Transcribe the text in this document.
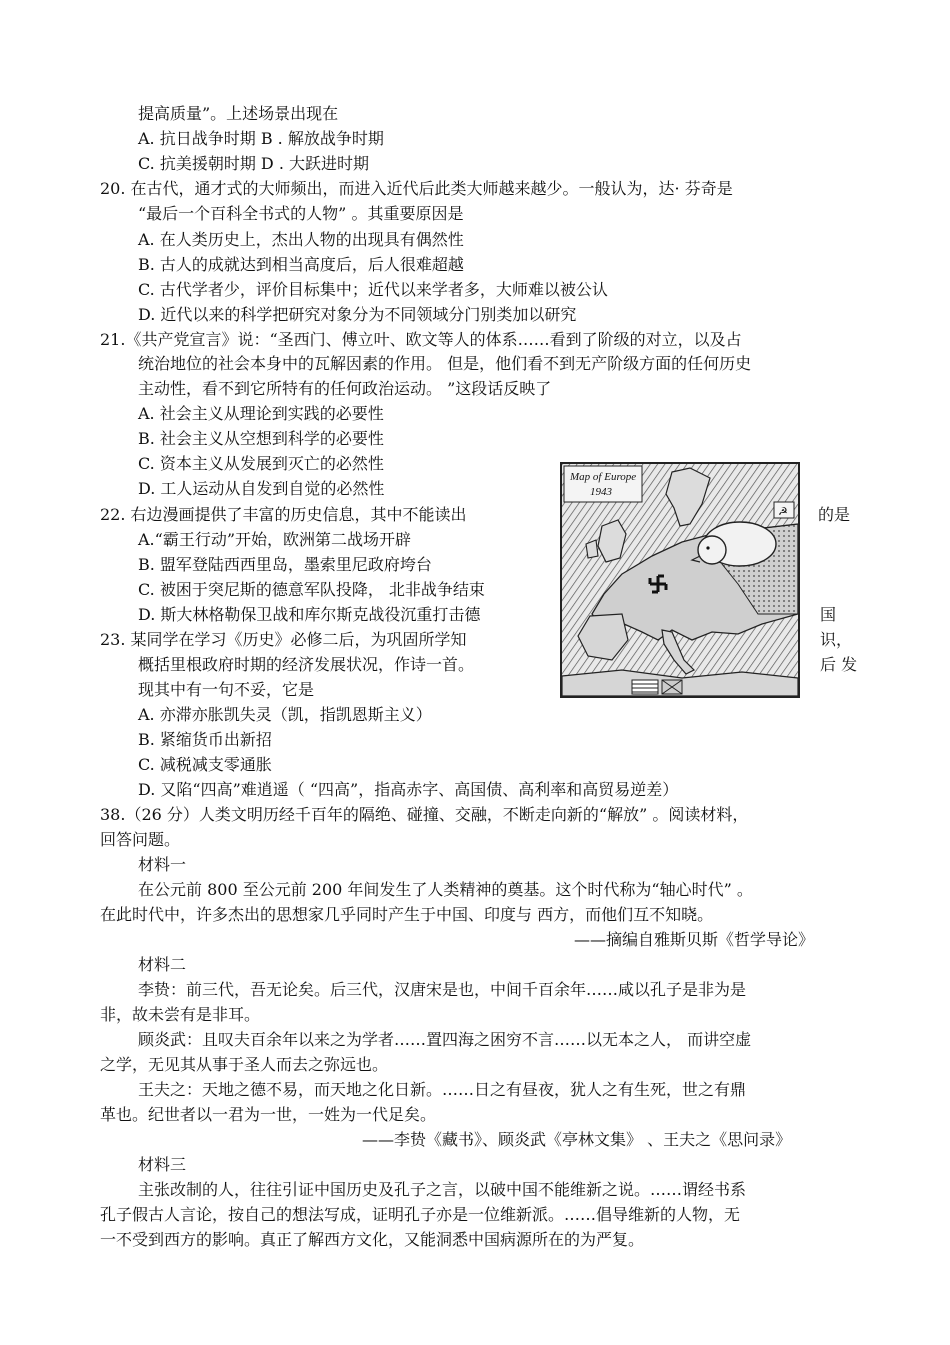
提高质量”。上述场景出现在
A. 抗日战争时期 B . 解放战争时期
C. 抗美援朝时期 D . 大跃进时期
20. 在古代，通才式的大师频出，而进入近代后此类大师越来越少。一般认为，达· 芬奇是
“最后一个百科全书式的人物” 。其重要原因是
A. 在人类历史上，杰出人物的出现具有偶然性
B. 古人的成就达到相当高度后，后人很难超越
C. 古代学者少，评价目标集中；近代以来学者多，大师难以被公认
D. 近代以来的科学把研究对象分为不同领域分门别类加以研究
21.《共产党宣言》说：“圣西门、傅立叶、欧文等人的体系……看到了阶级的对立，以及占
统治地位的社会本身中的瓦解因素的作用。 但是，他们看不到无产阶级方面的任何历史
主动性，看不到它所特有的任何政治运动。 ”这段话反映了
A. 社会主义从理论到实践的必要性
B. 社会主义从空想到科学的必要性
C. 资本主义从发展到灭亡的必然性
D. 工人运动从自发到自觉的必然性
22. 右边漫画提供了丰富的历史信息，其中不能读出	的是
A.“霸王行动”开始，欧洲第二战场开辟
B. 盟军登陆西西里岛，墨索里尼政府垮台
C. 被困于突尼斯的德意军队投降， 北非战争结束
D. 斯大林格勒保卫战和库尔斯克战役沉重打击德	国
23. 某同学在学习《历史》必修二后，为巩固所学知	识，
概括里根政府时期的经济发展状况，作诗一首。	后 发
现其中有一句不妥，它是
A. 亦滞亦胀凯失灵（凯，指凯恩斯主义）
B. 紧缩货币出新招
C. 减税减支零通胀
D. 又陷“四高”难逍遥（ “四高”，指高赤字、高国债、高利率和高贸易逆差）
38.（26 分）人类文明历经千百年的隔绝、碰撞、交融，不断走向新的“解放” 。阅读材料，
回答问题。
材料一
在公元前 800 至公元前 200 年间发生了人类精神的奠基。这个时代称为“轴心时代” 。
在此时代中，许多杰出的思想家几乎同时产生于中国、印度与 西方，而他们互不知晓。
——摘编自雅斯贝斯《哲学导论》
材料二
李贽：前三代，吾无论矣。后三代，汉唐宋是也，中间千百余年……咸以孔子是非为是
非，故未尝有是非耳。
顾炎武：且叹夫百余年以来之为学者……置四海之困穷不言……以无本之人， 而讲空虚
之学，无见其从事于圣人而去之弥远也。
王夫之：天地之德不易，而天地之化日新。……日之有昼夜，犹人之有生死，世之有鼎
革也。纪世者以一君为一世，一姓为一代足矣。
——李贽《藏书》、顾炎武《亭林文集》 、王夫之《思问录》
材料三
主张改制的人，往往引证中国历史及孔子之言，以破中国不能维新之说。……谓经书系
孔子假古人言论，按自己的想法写成，证明孔子亦是一位维新派。……倡导维新的人物，无
一不受到西方的影响。真正了解西方文化，又能洞悉中国病源所在的为严复。
Map of Europe
1943
☭
